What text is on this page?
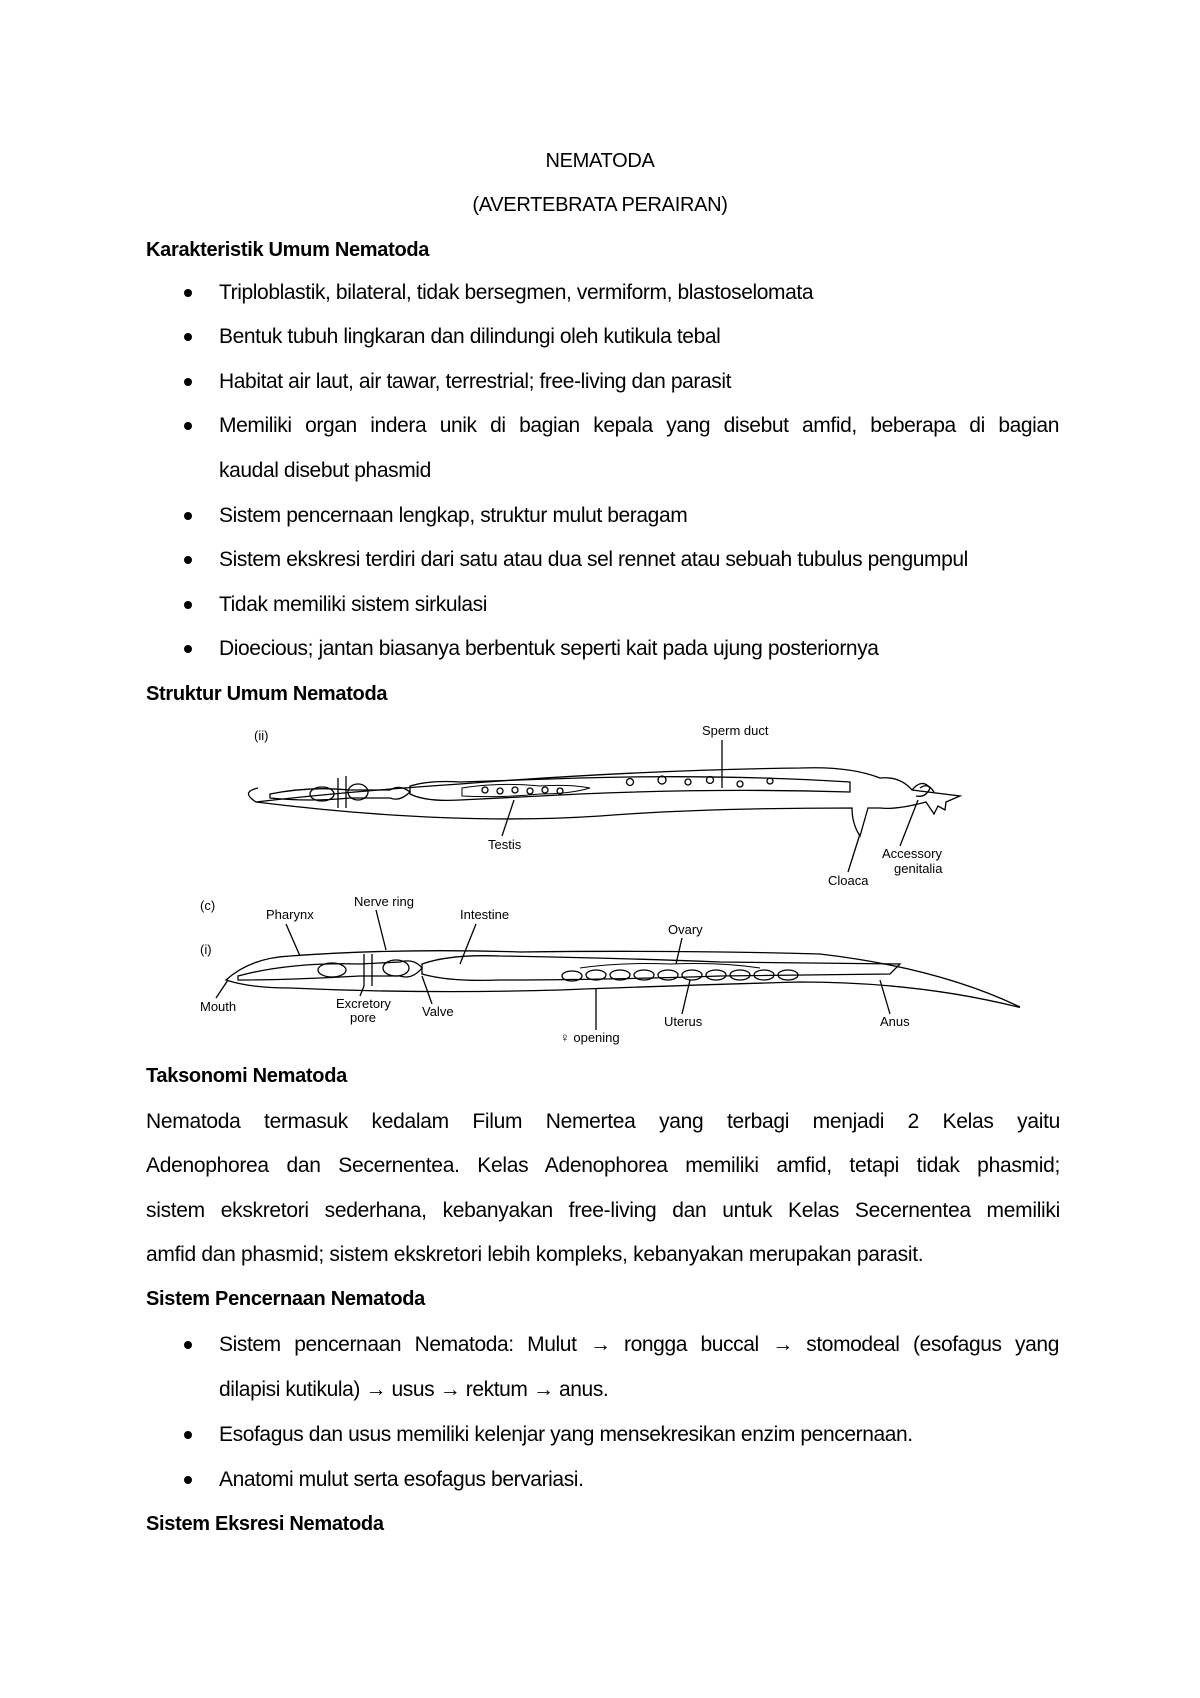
NEMATODA
(AVERTEBRATA PERAIRAN)
Karakteristik Umum Nematoda
Triploblastik, bilateral, tidak bersegmen, vermiform, blastoselomata
Bentuk tubuh lingkaran dan dilindungi oleh kutikula tebal
Habitat air laut, air tawar, terrestrial; free-living dan parasit
Memiliki organ indera unik di bagian kepala yang disebut amfid, beberapa di bagian
kaudal disebut phasmid
Sistem pencernaan lengkap, struktur mulut beragam
Sistem ekskresi terdiri dari satu atau dua sel rennet atau sebuah tubulus pengumpul
Tidak memiliki sistem sirkulasi
Dioecious; jantan biasanya berbentuk seperti kait pada ujung posteriornya
Struktur Umum Nematoda
(ii)	Sperm duct
Testis
Accessory
genitalia
Cloaca
(c)
(i)
Nerve ring
Pharynx	Intestine
Ovary
Mouth	Excretory
pore	Valve
♀ opening
Uterus	Anus
Taksonomi Nematoda
Nematoda termasuk kedalam Filum Nemertea yang terbagi menjadi 2 Kelas yaitu
Adenophorea dan Secernentea. Kelas Adenophorea memiliki amfid, tetapi tidak phasmid;
sistem ekskretori sederhana, kebanyakan free-living dan untuk Kelas Secernentea memiliki
amfid dan phasmid; sistem ekskretori lebih kompleks, kebanyakan merupakan parasit.
Sistem Pencernaan Nematoda
Sistem pencernaan Nematoda: Mulut → rongga buccal → stomodeal (esofagus yang
dilapisi kutikula) → usus → rektum → anus.
Esofagus dan usus memiliki kelenjar yang mensekresikan enzim pencernaan.
Anatomi mulut serta esofagus bervariasi.
Sistem Eksresi Nematoda
